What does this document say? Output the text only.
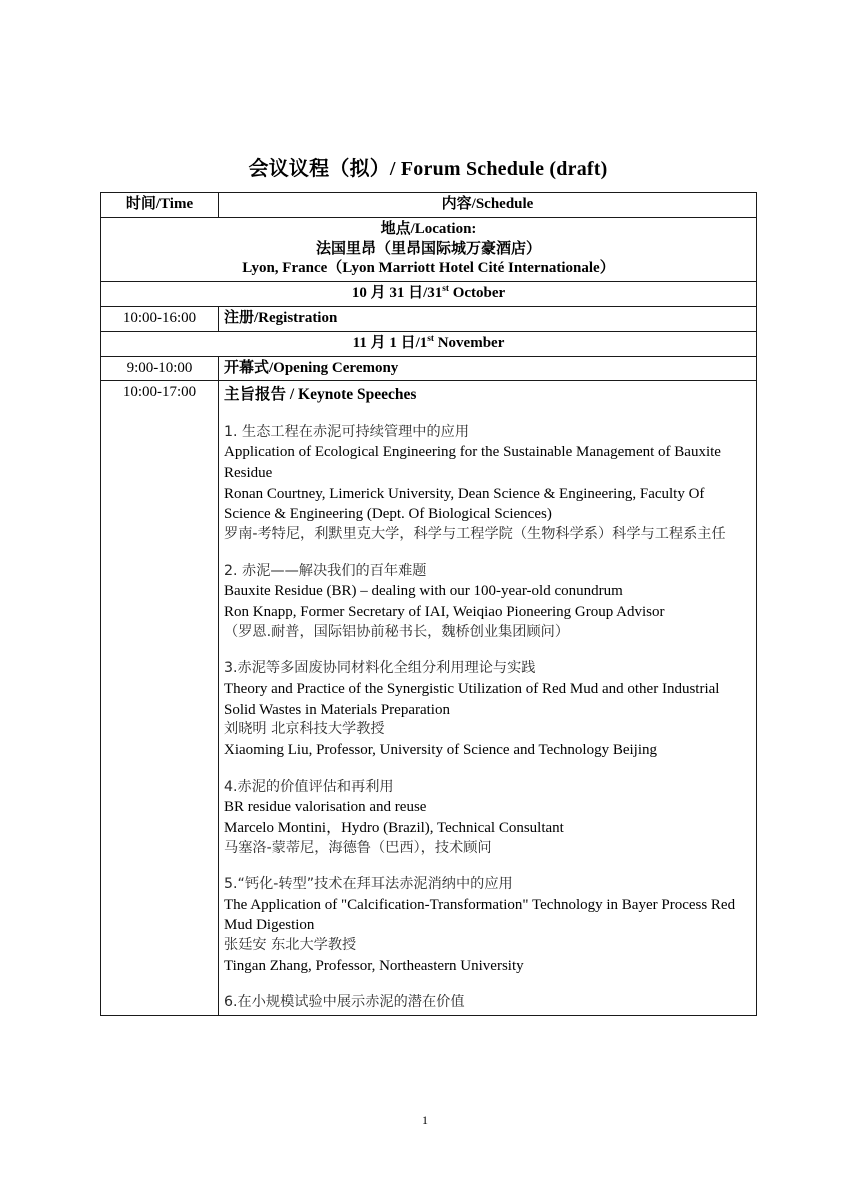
会议议程（拟）/ Forum Schedule (draft)
时间/Time	内容/Schedule

地点/Location:
法国里昂（里昂国际城万豪酒店）
Lyon, France（Lyon Marriott Hotel Cité Internationale）	

10 月 31 日/31st October	
10:00-16:00	注册/Registration
11 月 1 日/1st November	
9:00-10:00	开幕式/Opening Ceremony
10:00-17:00	主旨报告 / Keynote Speeches
1. 生态工程在赤泥可持续管理中的应用
Application of Ecological Engineering for the Sustainable Management of Bauxite Residue
Ronan Courtney, Limerick University, Dean Science & Engineering, Faculty Of Science & Engineering (Dept. Of Biological Sciences)
罗南-考特尼，利默里克大学，科学与工程学院（生物科学系）科学与工程系主任
2. 赤泥——解决我们的百年难题
Bauxite Residue (BR) – dealing with our 100-year-old conundrum
Ron Knapp, Former Secretary of IAI, Weiqiao Pioneering Group Advisor
（罗恩.耐普，国际铝协前秘书长，魏桥创业集团顾问）
3.赤泥等多固废协同材料化全组分利用理论与实践
Theory and Practice of the Synergistic Utilization of Red Mud and other Industrial Solid Wastes in Materials Preparation
刘晓明 北京科技大学教授
Xiaoming Liu, Professor, University of Science and Technology Beijing
4.赤泥的价值评估和再利用
BR residue valorisation and reuse
Marcelo Montini，Hydro (Brazil), Technical Consultant
马塞洛-蒙蒂尼，海德鲁（巴西），技术顾问
5.“钙化-转型”技术在拜耳法赤泥消纳中的应用
The Application of "Calcification-Transformation" Technology in Bayer Process Red Mud Digestion
张廷安 东北大学教授
Tingan Zhang, Professor, Northeastern University
6.在小规模试验中展示赤泥的潜在价值
1
